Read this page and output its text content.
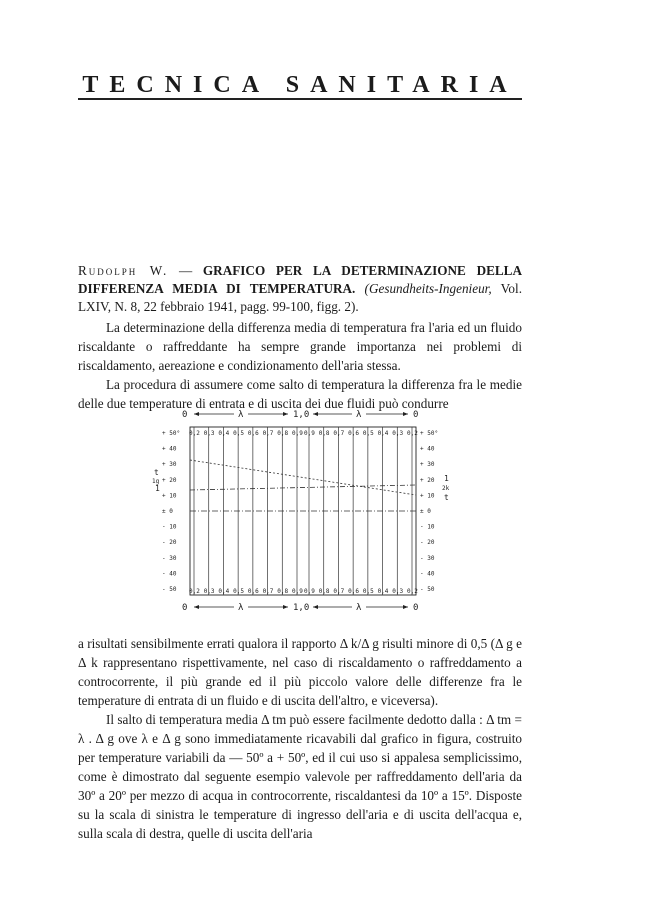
TECNICA SANITARIA
Rudolph W. — GRAFICO PER LA DETERMINAZIONE DELLA DIFFERENZA MEDIA DI TEMPERATURA. (Gesundheits-Ingenieur, Vol. LXIV, N. 8, 22 febbraio 1941, pagg. 99-100, figg. 2).

La determinazione della differenza media di temperatura fra l'aria ed un fluido riscaldante o raffreddante ha sempre grande importanza nei problemi di riscaldamento, aereazione e condizionamento dell'aria stessa.

La procedura di assumere come salto di temperatura la differenza fra le medie delle due temperature di entrata e di uscita dei due fluidi può condurre

0	λ	1,0	λ	0
0,2
0,2
0,3
0,3
0,4
0,4
0,5
0,5
0,6
0,6
0,7
0,7
0,8
0,8
0,9
0,9
0,9
0,9
0,8
0,8
0,7
0,7
0,6
0,6
0,5
0,5
0,4
0,4
0,3
0,3
0,2
0,2
+ 50°
+ 40
+ 30
+ 20
+ 10
± 0
- 10
- 20
- 30
- 40
- 50
+ 50°
+ 40
+ 30
+ 20
+ 10
± 0
- 10
- 20
- 30
- 40
- 50
t
1g
1
t
2k
1
0	λ	1,0	λ	0

a risultati sensibilmente errati qualora il rapporto Δ k/Δ g risulti minore di 0,5 (Δ g e Δ k rappresentano rispettivamente, nel caso di riscaldamento o raffreddamento a controcorrente, il più grande ed il più piccolo valore delle differenze fra le temperature di entrata di un fluido e di uscita dell'altro, e viceversa).

Il salto di temperatura media Δ tm può essere facilmente dedotto dalla : Δ tm = λ . Δ g ove λ e Δ g sono immediatamente ricavabili dal grafico in figura, costruito per temperature variabili da — 50º a + 50º, ed il cui uso si appalesa semplicissimo, come è dimostrato dal seguente esempio valevole per raffreddamento dell'aria da 30º a 20º per mezzo di acqua in controcorrente, riscaldantesi da 10º a 15º. Disposte su la scala di sinistra le temperature di ingresso dell'aria e di uscita dell'acqua e, sulla scala di destra, quelle di uscita dell'aria
